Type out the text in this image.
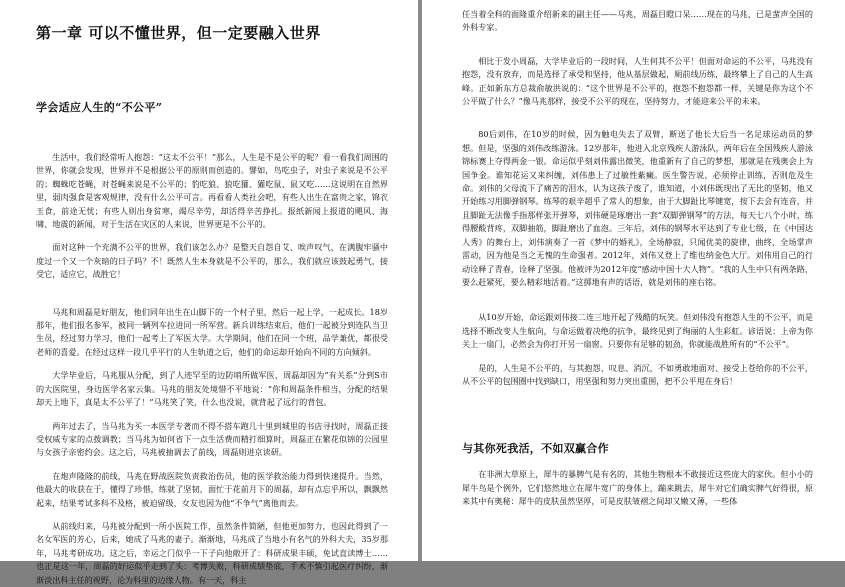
第一章 可以不懂世界，但一定要融入世界
学会适应人生的“不公平”

生活中，我们经常听人抱怨：“这太不公平！”那么，人生是不是公平的呢？看一看我们周围的世界，你就会发现，世界并不是根据公平的原则而创造的。譬如，鸟吃虫子，对虫子来说是不公平的；蜘蛛吃苍蝇，对苍蝇来说是不公平的；豹吃狼、狼吃獾、獾吃鼠、鼠又吃……这说明在自然界里，弱肉强食是客观规律，没有什么公平可言。再看看人类社会吧，有些人出生在富贵之家，锦衣玉食，前途无忧；有些人则出身贫寒，竭尽辛劳，却活得辛苦挣扎。报纸新闻上报道的飓风、海啸、地震的新闻，对于生活在灾区的人来说，世界更是不公平的。

面对这种一个充满不公平的世界，我们该怎么办？是整天自怨自艾、唉声叹气，在满腹牢骚中度过一个又一个灰暗的日子吗？不！既然人生本身就是不公平的，那么，我们就应该鼓起勇气，接受它，适应它，战胜它！

马兆和周磊是好朋友，他们同年出生在山脚下的一个村子里，然后一起上学，一起成长。18岁那年，他们报名参军，被同一辆列车拉进同一所军营。新兵训练结束后，他们一起被分到连队当卫生员，经过努力学习，他们一起考上了军医大学。大学期间，他们在同一个班，品学兼优，都很受老师的喜爱。在经过这样一段几乎平行的人生轨道之后，他们的命运却开始向不同的方向倾斜。

大学毕业后，马兆服从分配，到了人迹罕至的边防哨所做军医，周磊却因为“有关系”分到S市的大医院里，身边医学名家云集。马兆的朋友处境惜不平地说：“你和周磊条件相当，分配的结果却天上地下，真是太不公平了！”马兆笑了笑，什么也没说，就背起了远行的背包。

两年过去了，当马兆为买一本医学专著而不得不搭车跑几十里到城里的书店寻找时，周磊正接受权威专家的点拨调教；当马兆为如何省下一点生活费而精打细算时，周磊正在繁花似锦的公园里与女孩子亲密约会。这之后，马兆被抽调去了前线，周磊则进京读研。

在炮声隆隆的前线，马兆在野战医院负责救治伤员，他的医学救治能力得到快速提升。当然，他最大的收获在于，懂得了珍惜，练就了坚韧，面忙于花前月下的周磊，却有点忘乎所以，飘飘然起来，结果考试多科不及格，被迫留级，女友也因为他“不争气”离他而去。

从前线归来，马兆被分配到一所小医院工作，虽然条件简陋，但他更加努力，也因此得到了一名女军医的芳心，后来，她成了马兆的妻子。渐渐地，马兆成了当地小有名气的外科大夫，35岁那年，马兆考研成功。这之后，幸运之门似乎一下子向他敞开了：科研成果丰硕，免试直读博士……也正是这一年，周磊的好运似乎走到了头：考博失败，科研成绩垫底，手术不慎引起医疗纠纷，渐渐淡出科主任的视野，沦为科里的边缘人物。有一天，科主

任当着全科的面隆重介绍新来的副主任——马兆，周磊目瞪口呆……现在的马兆，已是蜚声全国的外科专家。

相比于发小周磊，大学毕业后的一段时间，人生何其不公平！但面对命运的不公平，马兆没有抱怨，没有放弃，而是选择了承受和坚持，他从基层做起，厕前线历练，最终攀上了自己的人生高峰。正如新东方总裁俞敏洪说的：“这个世界是不公平的，抱怨不抱怨都一样，关键是你为这个不公平做了什么？”像马兆那样，接受不公平的现在，坚持努力，才能迎来公平的未来。

80后刘伟，在10岁的时候，因为触电失去了双臂，断送了他长大后当一名足球运动员的梦想。但是，坚强的刘伟改练游泳。12岁那年，他进入北京残疾人游泳队，两年后在全国残疾人游泳锦标赛上夺得两金一银。命运似乎刻刘伟露出微笑，他重新有了自己的梦想，那就是在残奥会上为国争金。谁知花运又来纠缠，刘伟患上了过敏性紫癜。医生警告说，必须停止训练，否则危及生命。刘伟的父母流下了痛苦的泪水，认为这孩子废了，谁知道，小刘伟既现出了无比的坚韧，他又开始练习用脚弹钢琴。练琴的艰辛超乎了常人的想象，由于大脚趾比琴键宽，按下去会有连音，并且脚趾无法像手指那样张开弹琴，刘伟硬是琢磨出一套“双脚弹钢琴”的方法，每天七八个小时，练得腰酸背疼，双脚抽筋，脚趾磨出了血泡。三年后，刘伟的钢琴水平达到了专业七级，在《中国达人秀》的舞台上，刘伟演奏了一首《梦中的婚礼》，全场静寂，只闻优美的旋律，曲终，全场掌声雷动，因为他是当之无愧的生命强者。2012年，刘伟又登上了维也纳金色大厅。刘伟用自己的行动诠释了青春，诠释了坚强。他被评为2012年度“感动中国十大人物”。“我的人生中只有两条路，要么赶紧死，要么精彩地活着。”这掷地有声的话语，就是刘伟的座右铭。

从10岁开始，命运跟刘伟接二连三地开起了残酷的玩笑。但刘伟没有抱怨人生的不公平，而是选择不断改变人生航向，与命运做着决绝的抗争，最终见到了绚丽的人生彩虹。谚语说：上帝为你关上一扇门，必然会为你打开另一扇窗。只要你有足够的韧劲，你就能战胜所有的“不公平”。

是的，人生是不公平的，与其抱怨、叹息、消沉，不如勇敢地面对、接受上苍给你的不公平，从不公平的包围圈中找到缺口，用坚强和努力突出重围，把不公平甩在身后！

与其你死我活，不如双赢合作

在非洲大草原上，犀牛的暴脾气是有名的，其他生物根本不敢接近这些庞大的家伙。但小小的犀牛鸟是个例外，它们悠然地立在犀牛宽广的身体上，蹦来跳去，犀牛对它们确实脾气好得很，原来其中有奥秘：犀牛的皮肤虽然坚厚，可是皮肤皱褶之间却又嫩又薄，一些体
